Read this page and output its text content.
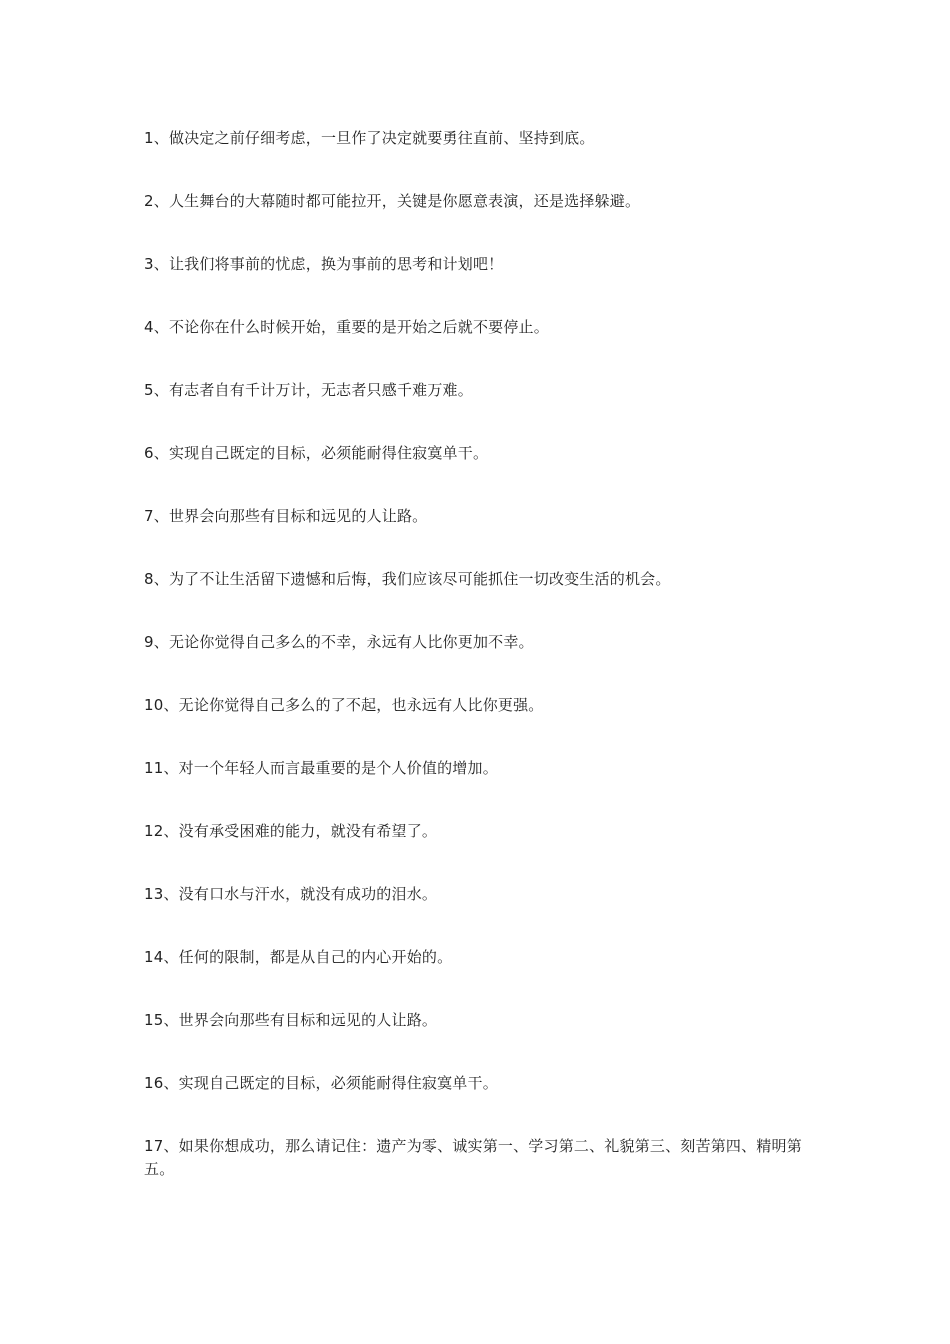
1、做决定之前仔细考虑，一旦作了决定就要勇往直前、坚持到底。
2、人生舞台的大幕随时都可能拉开，关键是你愿意表演，还是选择躲避。
3、让我们将事前的忧虑，换为事前的思考和计划吧！
4、不论你在什么时候开始，重要的是开始之后就不要停止。
5、有志者自有千计万计，无志者只感千难万难。
6、实现自己既定的目标，必须能耐得住寂寞单干。
7、世界会向那些有目标和远见的人让路。
8、为了不让生活留下遗憾和后悔，我们应该尽可能抓住一切改变生活的机会。
9、无论你觉得自己多么的不幸，永远有人比你更加不幸。
10、无论你觉得自己多么的了不起，也永远有人比你更强。
11、对一个年轻人而言最重要的是个人价值的增加。
12、没有承受困难的能力，就没有希望了。
13、没有口水与汗水，就没有成功的泪水。
14、任何的限制，都是从自己的内心开始的。
15、世界会向那些有目标和远见的人让路。
16、实现自己既定的目标，必须能耐得住寂寞单干。
17、如果你想成功，那么请记住：遗产为零、诚实第一、学习第二、礼貌第三、刻苦第四、精明第五。
